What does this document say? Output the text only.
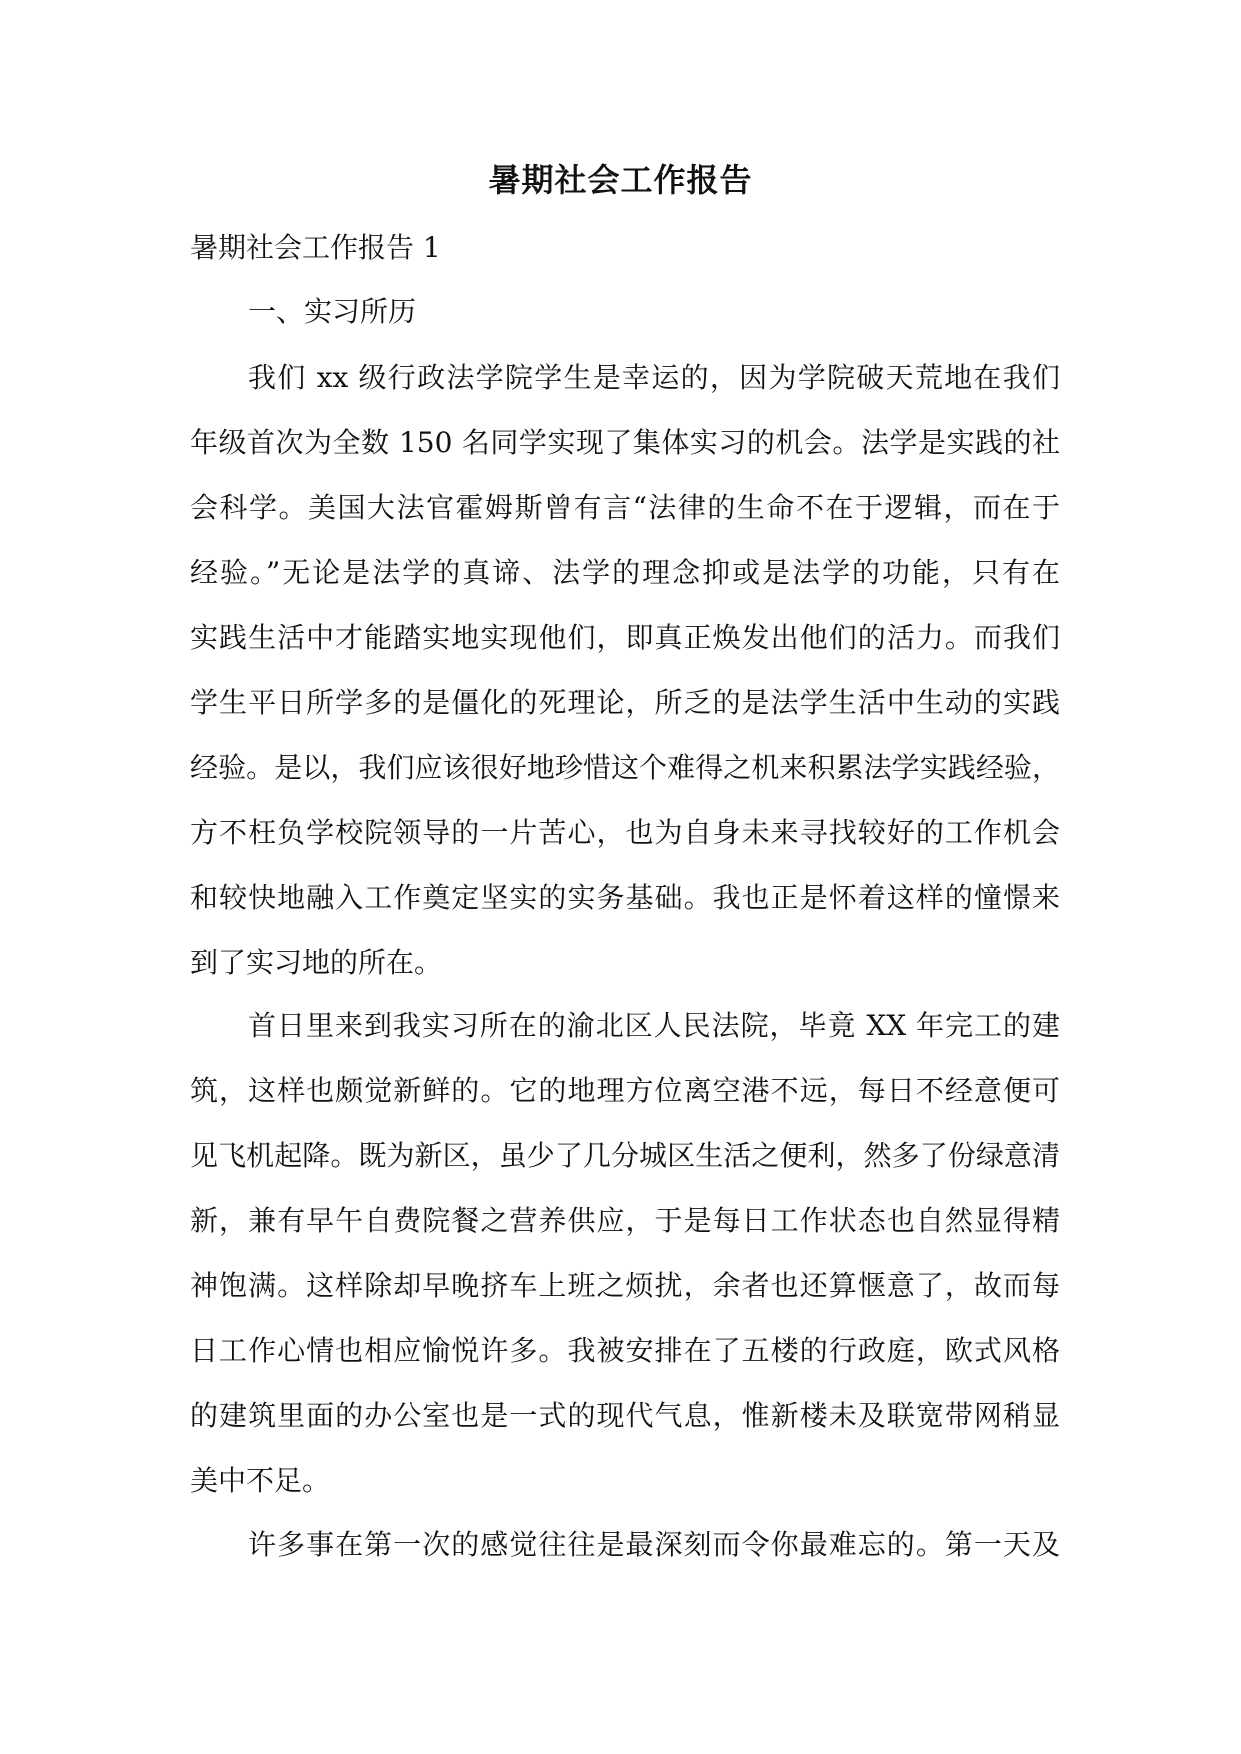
暑期社会工作报告
暑期社会工作报告 1
一、实习所历
我们 xx 级行政法学院学生是幸运的，因为学院破天荒地在我们
年级首次为全数 150 名同学实现了集体实习的机会。法学是实践的社
会科学。美国大法官霍姆斯曾有言“法律的生命不在于逻辑，而在于
经验。”无论是法学的真谛、法学的理念抑或是法学的功能，只有在
实践生活中才能踏实地实现他们，即真正焕发出他们的活力。而我们
学生平日所学多的是僵化的死理论，所乏的是法学生活中生动的实践
经验。是以，我们应该很好地珍惜这个难得之机来积累法学实践经验，
方不枉负学校院领导的一片苦心，也为自身未来寻找较好的工作机会
和较快地融入工作奠定坚实的实务基础。我也正是怀着这样的憧憬来
到了实习地的所在。
首日里来到我实习所在的渝北区人民法院，毕竟 XX 年完工的建
筑，这样也颇觉新鲜的。它的地理方位离空港不远，每日不经意便可
见飞机起降。既为新区，虽少了几分城区生活之便利，然多了份绿意清
新，兼有早午自费院餐之营养供应，于是每日工作状态也自然显得精
神饱满。这样除却早晚挤车上班之烦扰，余者也还算惬意了，故而每
日工作心情也相应愉悦许多。我被安排在了五楼的行政庭，欧式风格
的建筑里面的办公室也是一式的现代气息，惟新楼未及联宽带网稍显
美中不足。
许多事在第一次的感觉往往是最深刻而令你最难忘的。第一天及
